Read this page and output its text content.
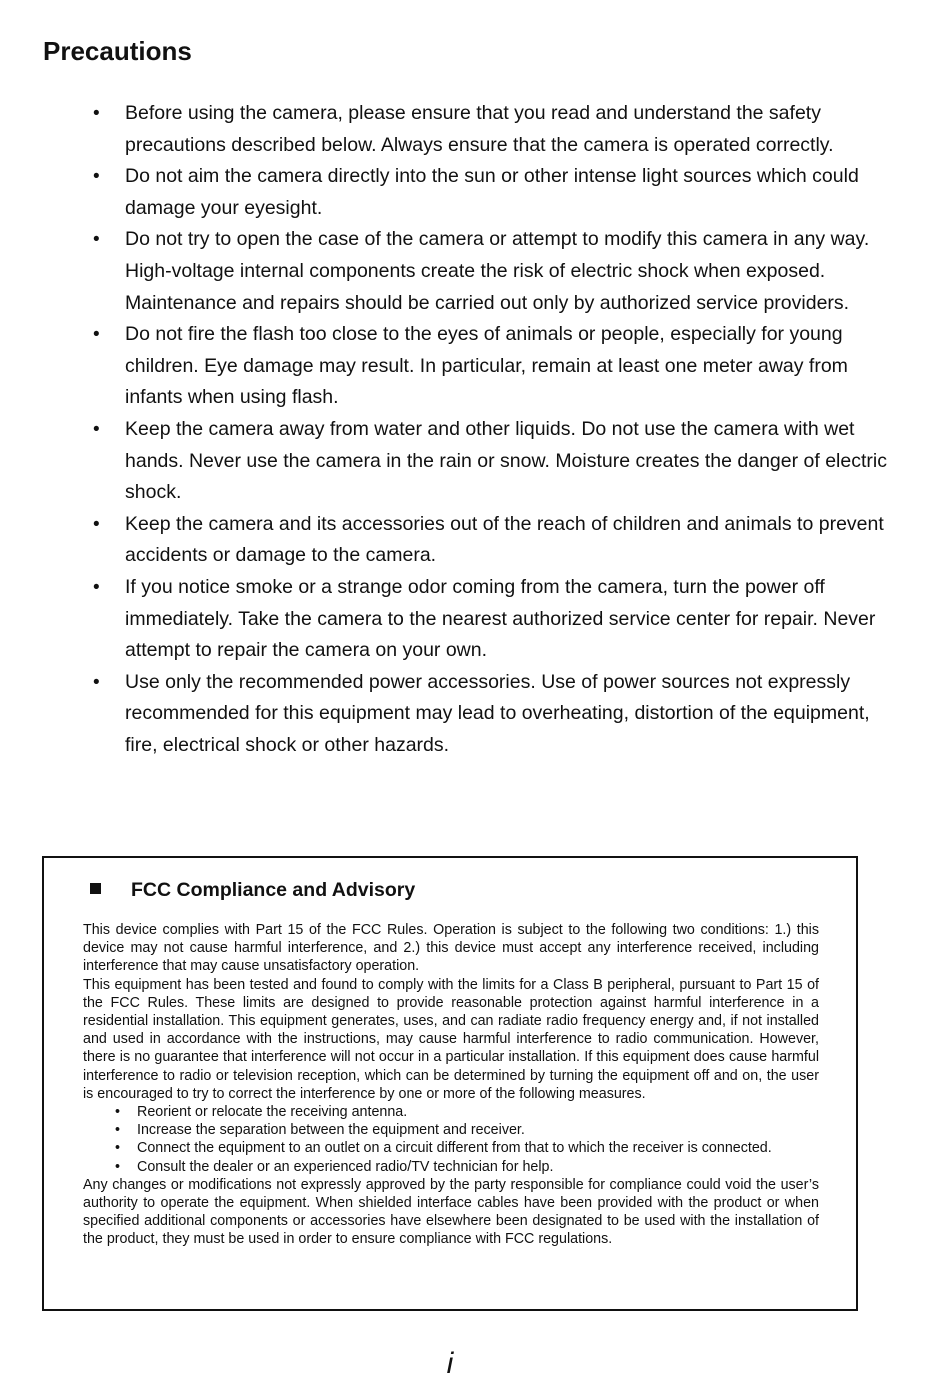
Precautions
• Before using the camera, please ensure that you read and understand the safety precautions described below. Always ensure that the camera is operated correctly.
• Do not aim the camera directly into the sun or other intense light sources which could damage your eyesight.
• Do not try to open the case of the camera or attempt to modify this camera in any way. High-voltage internal components create the risk of electric shock when exposed. Maintenance and repairs should be carried out only by authorized service providers.
• Do not fire the flash too close to the eyes of animals or people, especially for young children. Eye damage may result. In particular, remain at least one meter away from infants when using flash.
• Keep the camera away from water and other liquids. Do not use the camera with wet hands. Never use the camera in the rain or snow. Moisture creates the danger of electric shock.
• Keep the camera and its accessories out of the reach of children and animals to prevent accidents or damage to the camera.
• If you notice smoke or a strange odor coming from the camera, turn the power off immediately. Take the camera to the nearest authorized service center for repair. Never attempt to repair the camera on your own.
• Use only the recommended power accessories. Use of power sources not expressly recommended for this equipment may lead to overheating, distortion of the equipment, fire, electrical shock or other hazards.
FCC Compliance and Advisory

This device complies with Part 15 of the FCC Rules. Operation is subject to the following two conditions: 1.) this device may not cause harmful interference, and 2.) this device must accept any interference received, including interference that may cause unsatisfactory operation.

This equipment has been tested and found to comply with the limits for a Class B peripheral, pursuant to Part 15 of the FCC Rules. These limits are designed to provide reasonable protection against harmful interference in a residential installation. This equipment generates, uses, and can radiate radio frequency energy and, if not installed and used in accordance with the instructions, may cause harmful interference to radio communication. However, there is no guarantee that interference will not occur in a particular installation. If this equipment does cause harmful interference to radio or television reception, which can be determined by turning the equipment off and on, the user is encouraged to try to correct the interference by one or more of the following measures.

• Reorient or relocate the receiving antenna.
• Increase the separation between the equipment and receiver.
• Connect the equipment to an outlet on a circuit different from that to which the receiver is connected.
• Consult the dealer or an experienced radio/TV technician for help.

Any changes or modifications not expressly approved by the party responsible for compliance could void the user’s authority to operate the equipment. When shielded interface cables have been provided with the product or when specified additional components or accessories have elsewhere been designated to be used with the installation of the product, they must be used in order to ensure compliance with FCC regulations.

i
